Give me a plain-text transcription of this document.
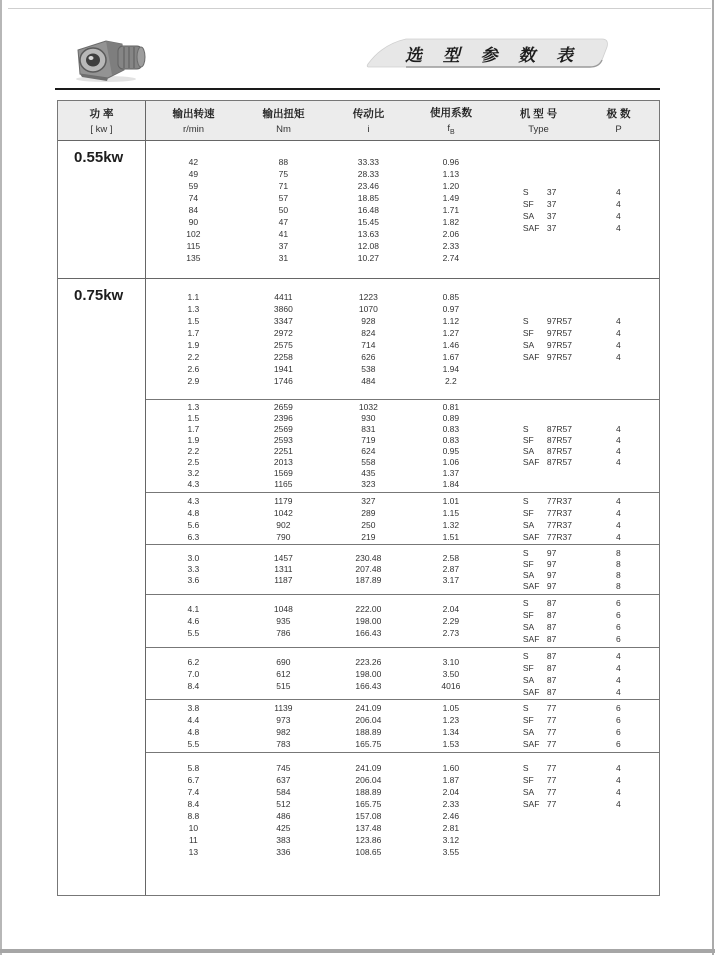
选 型 参 数 表
功 率
[ kw ]
输出转速
r/min
输出扭矩
Nm
传动比
i
使用系数
$f_B$
机 型 号
Type
极 数
P
0.55kw	42
49
59
74
84
90
102
115
135
88
75
71
57
50
47
41
37
31
33.33
28.33
23.46
18.85
16.48
15.45
13.63
12.08
10.27
0.96
1.13
1.20
1.49
1.71
1.82
2.06
2.33
2.74
S 37
SF 37
SA 37
SAF 37
4
4
4
4
0.75kw	1.1
1.3
1.5
1.7
1.9
2.2
2.6
2.9
4411
3860
3347
2972
2575
2258
1941
1746
1223
1070
928
824
714
626
538
484
0.85
0.97
1.12
1.27
1.46
1.67
1.94
2.2
S 97R57
SF 97R57
SA 97R57
SAF 97R57
4
4
4
4
1.3
1.5
1.7
1.9
2.2
2.5
3.2
4.3
2659
2396
2569
2593
2251
2013
1569
1165
1032
930
831
719
624
558
435
323
0.81
0.89
0.83
0.83
0.95
1.06
1.37
1.84
S 87R57
SF 87R57
SA 87R57
SAF 87R57
4
4
4
4
4.3
4.8
5.6
6.3
1179
1042
902
790
327
289
250
219
1.01
1.15
1.32
1.51
S 77R37
SF 77R37
SA 77R37
SAF 77R37
4
4
4
4
3.0
3.3
3.6
1457
1311
1187
230.48
207.48
187.89
2.58
2.87
3.17
S 97
SF 97
SA 97
SAF 97
8
8
8
8
4.1
4.6
5.5
1048
935
786
222.00
198.00
166.43
2.04
2.29
2.73
S 87
SF 87
SA 87
SAF 87
6
6
6
6
6.2
7.0
8.4
690
612
515
223.26
198.00
166.43
3.10
3.50
4016
S 87
SF 87
SA 87
SAF 87
4
4
4
4
3.8
4.4
4.8
5.5
1139
973
982
783
241.09
206.04
188.89
165.75
1.05
1.23
1.34
1.53
S 77
SF 77
SA 77
SAF 77
6
6
6
6
5.8
6.7
7.4
8.4
8.8
10
11
13
745
637
584
512
486
425
383
336
241.09
206.04
188.89
165.75
157.08
137.48
123.86
108.65
1.60
1.87
2.04
2.33
2.46
2.81
3.12
3.55
S 77
SF 77
SA 77
SAF 77
4
4
4
4
